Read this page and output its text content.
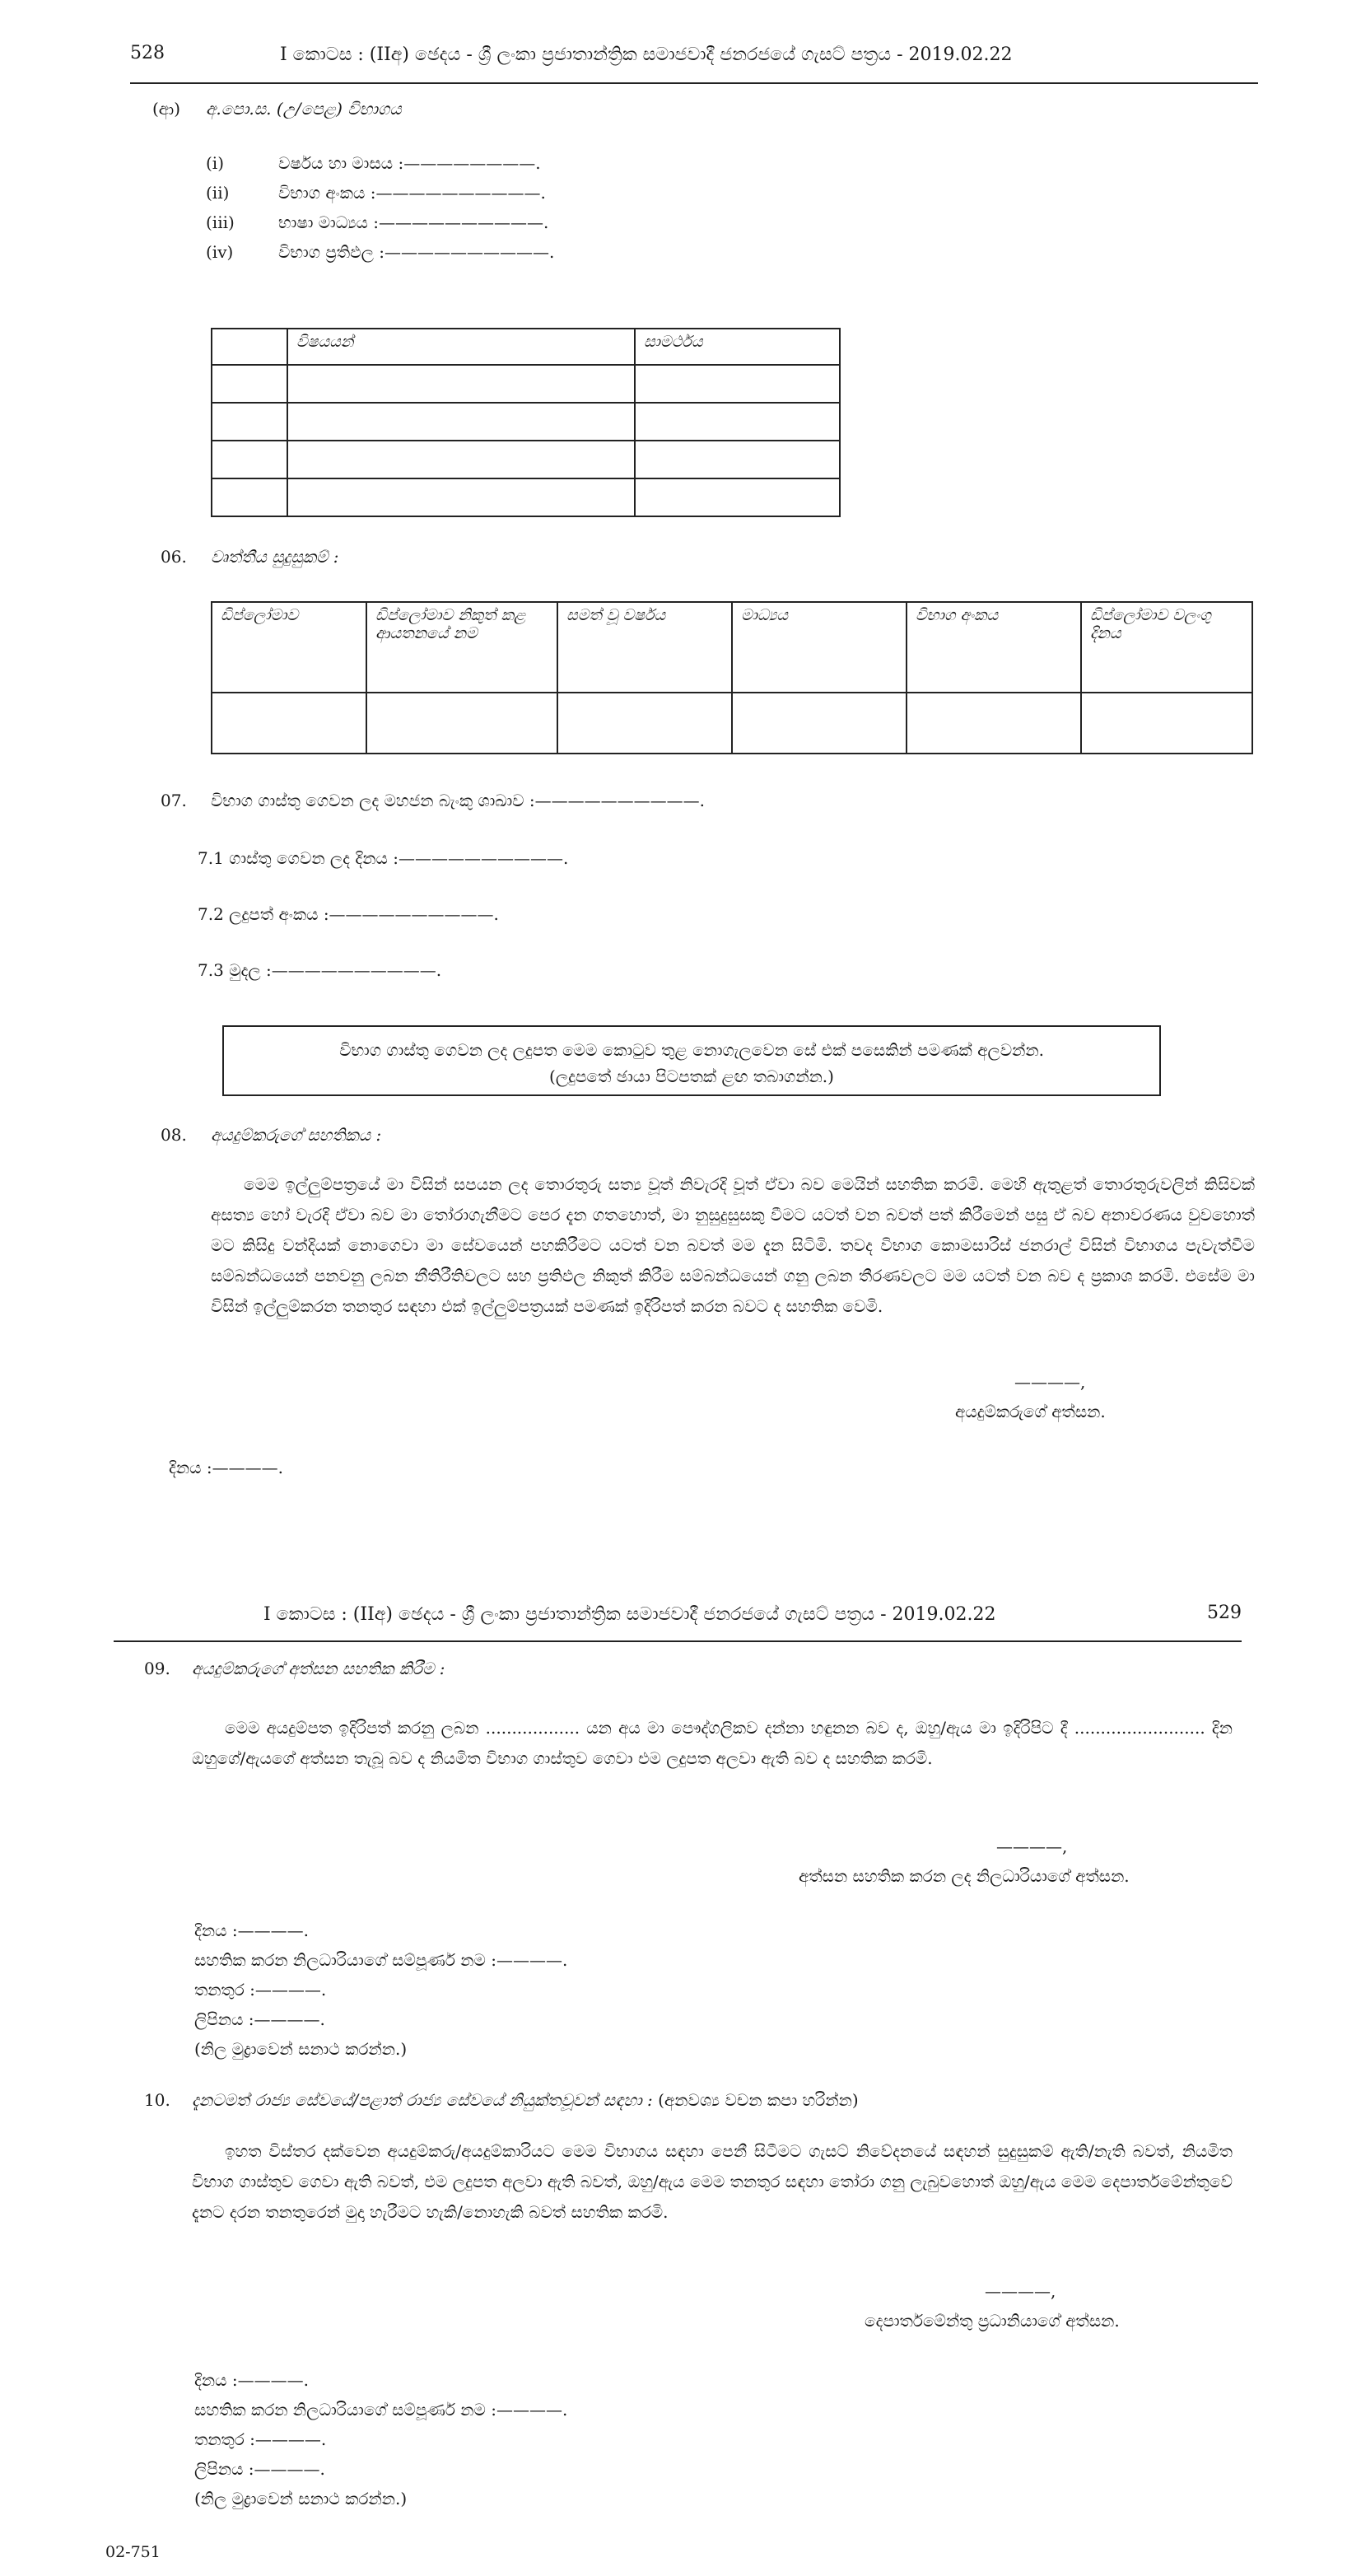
528	I කොටස : (IIඅ) ඡෙදය - ශ්‍රී ලංකා ප්‍රජාතාන්ත්‍රික සමාජවාදී ජනරජයේ ගැසට් පත්‍රය - 2019.02.22
(ආ) අ.පො.ස. (උ/පෙළ) විභාගය
(i)	වර්ෂය හා මාසය :————————.
(ii)	විභාග අංකය :——————————.
(iii)	භාෂා මාධ්‍යය :——————————.
(iv)	විභාග ප්‍රතිඵල :——————————.
	විෂයයන්	සාමර්ථය

06. වෘත්තීය සුදුසුකම් :
ඩිප්ලෝමාව	ඩිප්ලෝමාව නිකුත් කළ ආයතනයේ නම	සමත් වූ වර්ෂය	මාධ්‍යය	විභාග අංකය	ඩිප්ලෝමාව වලංගු දිනය

07. විභාග ගාස්තු ගෙවන ලද මහජන බැංකු ශාඛාව :——————————.
7.1 ගාස්තු ගෙවන ලද දිනය :——————————.
7.2 ලදුපත් අංකය :——————————.
7.3 මුදල :——————————.
විභාග ගාස්තු ගෙවන ලද ලදුපත මෙම කොටුව තුළ නොගැලවෙන සේ එක් පසෙකින් පමණක් අලවන්න.
(ලදුපතේ ඡායා පිටපතක් ළඟ තබාගන්න.)
08. අයදුම්කරුගේ සහතිකය :
මෙම ඉල්ලුම්පත්‍රයේ මා විසින් සපයන ලද තොරතුරු සත්‍ය වූත් නිවැරදි වූත් ඒවා බව මෙයින් සහතික කරමි. මෙහි ඇතුළත් තොරතුරුවලින් කිසිවක් අසත්‍ය හෝ වැරදි ඒවා බව මා තෝරාගැනීමට පෙර දැන ගතහොත්, මා නුසුදුසුසකු වීමට යටත් වන බවත් පත් කිරීමෙන් පසු ඒ බව අනාවරණය වුවහොත් මට කිසිදු වන්දියක් නොගෙවා මා සේවයෙන් පහකිරීමට යටත් වන බවත් මම දැන සිටිමි. තවද විභාග කොමසාරිස් ජනරාල් විසින් විභාගය පැවැත්වීම සම්බන්ධයෙන් පනවනු ලබන නීතිරීතිවලට සහ ප්‍රතිඵල නිකුත් කිරීම සම්බන්ධයෙන් ගනු ලබන තීරණවලට මම යටත් වන බව ද ප්‍රකාශ කරමි. එසේම මා විසින් ඉල්ලුම්කරන තනතුර සඳහා එක් ඉල්ලුම්පත්‍රයක් පමණක් ඉදිරිපත් කරන බවට ද සහතික වෙමි.
————,
අයදුම්කරුගේ අත්සන.
දිනය :————.
I කොටස : (IIඅ) ඡෙදය - ශ්‍රී ලංකා ප්‍රජාතාන්ත්‍රික සමාජවාදී ජනරජයේ ගැසට් පත්‍රය - 2019.02.22	529
09. අයදුම්කරුගේ අත්සන සහතික කිරීම :
මෙම අයදුම්පත ඉදිරිපත් කරනු ලබන .................. යන අය මා පෞද්ගලිකව දන්නා හඳුනන බව ද, ඔහු/ඇය මා ඉදිරිපිට දී ......................... දින ඔහුගේ/ඇයගේ අත්සන තැබූ බව ද නියමිත විභාග ගාස්තුව ගෙවා එම ලදුපත අලවා ඇති බව ද සහතික කරමි.
————,
අත්සන සහතික කරන ලද නිලධාරියාගේ අත්සන.
දිනය :————.
සහතික කරන නිලධාරියාගේ සම්පූර්ණ නම :————.
තනතුර :————.
ලිපිනය :————.
(නිල මුද්‍රාවෙන් සනාථ කරන්න.)
10. දැනටමත් රාජ්‍ය සේවයේ/පළාත් රාජ්‍ය සේවයේ නියුක්තවූවන් සඳහා : (අනවශ්‍ය වචන කපා හරින්න)
ඉහත විස්තර දක්වෙන අයදුම්කරු/අයදුම්කාරියට මෙම විභාගය සඳහා පෙනී සිටීමට ගැසට් නිවේදනයේ සඳහන් සුදුසුකම් ඇති/නැති බවත්, නියමිත විභාග ගාස්තුව ගෙවා ඇති බවත්, එම ලදුපත අලවා ඇති බවත්, ඔහු/ඇය මෙම තනතුර සඳහා තෝරා ගනු ලැබුවහොත් ඔහු/ඇය මෙම දෙපාර්තමේන්තුවේ දැනට දරන තනතුරෙන් මුදා හැරීමට හැකි/නොහැකි බවත් සහතික කරමි.
————,
දෙපාර්තමේන්තු ප්‍රධානියාගේ අත්සන.
දිනය :————.
සහතික කරන නිලධාරියාගේ සම්පූර්ණ නම :————.
තනතුර :————.
ලිපිනය :————.
(නිල මුද්‍රාවෙන් සනාථ කරන්න.)
02-751
